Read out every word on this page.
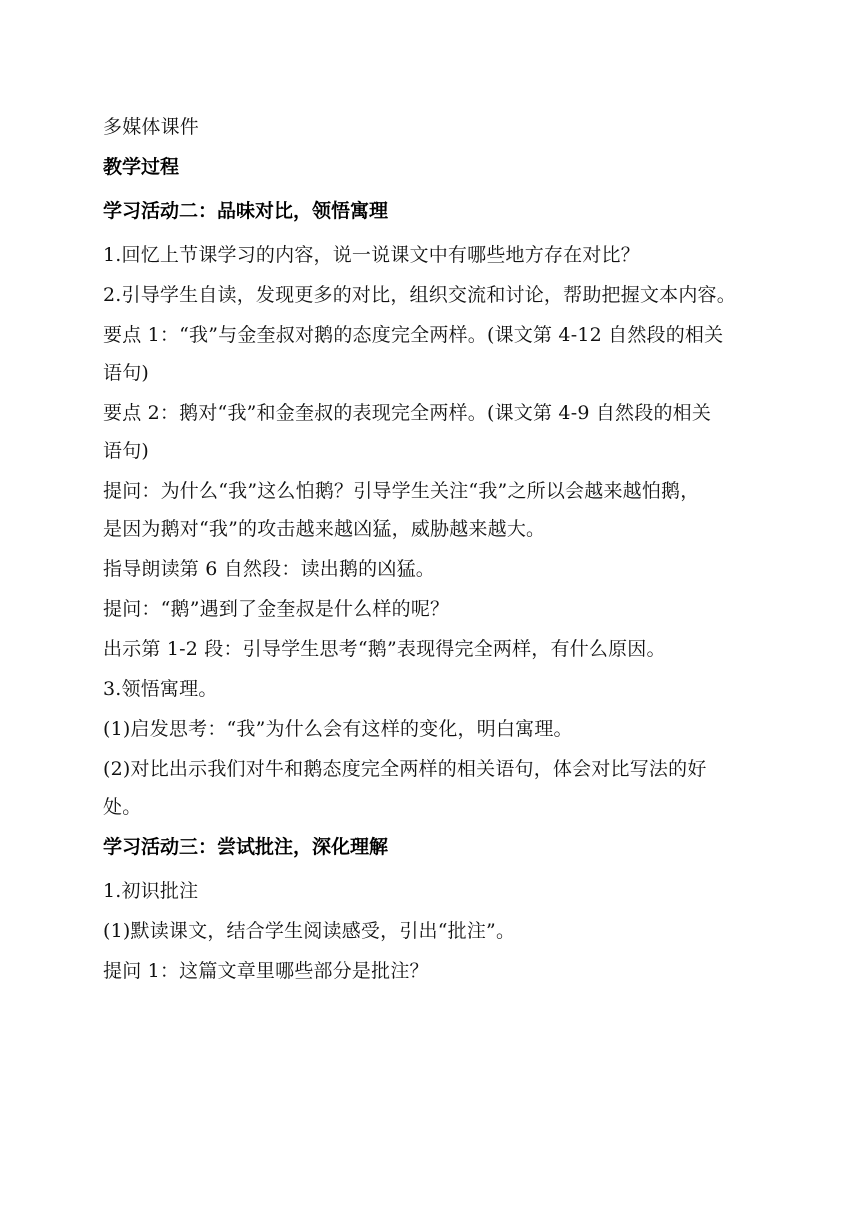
多媒体课件
教学过程
学习活动二：品味对比，领悟寓理
1.回忆上节课学习的内容，说一说课文中有哪些地方存在对比？
2.引导学生自读，发现更多的对比，组织交流和讨论，帮助把握文本内容。
要点 1：“我”与金奎叔对鹅的态度完全两样。(课文第 4-12 自然段的相关
语句)
要点 2：鹅对“我”和金奎叔的表现完全两样。(课文第 4-9 自然段的相关
语句)
提问：为什么“我”这么怕鹅？引导学生关注“我”之所以会越来越怕鹅，
是因为鹅对“我”的攻击越来越凶猛，威胁越来越大。
指导朗读第 6 自然段：读出鹅的凶猛。
提问：“鹅”遇到了金奎叔是什么样的呢？
出示第 1-2 段：引导学生思考“鹅”表现得完全两样，有什么原因。
3.领悟寓理。
(1)启发思考：“我”为什么会有这样的变化，明白寓理。
(2)对比出示我们对牛和鹅态度完全两样的相关语句，体会对比写法的好
处。
学习活动三：尝试批注，深化理解
1.初识批注
(1)默读课文，结合学生阅读感受，引出“批注”。
提问 1：这篇文章里哪些部分是批注？
